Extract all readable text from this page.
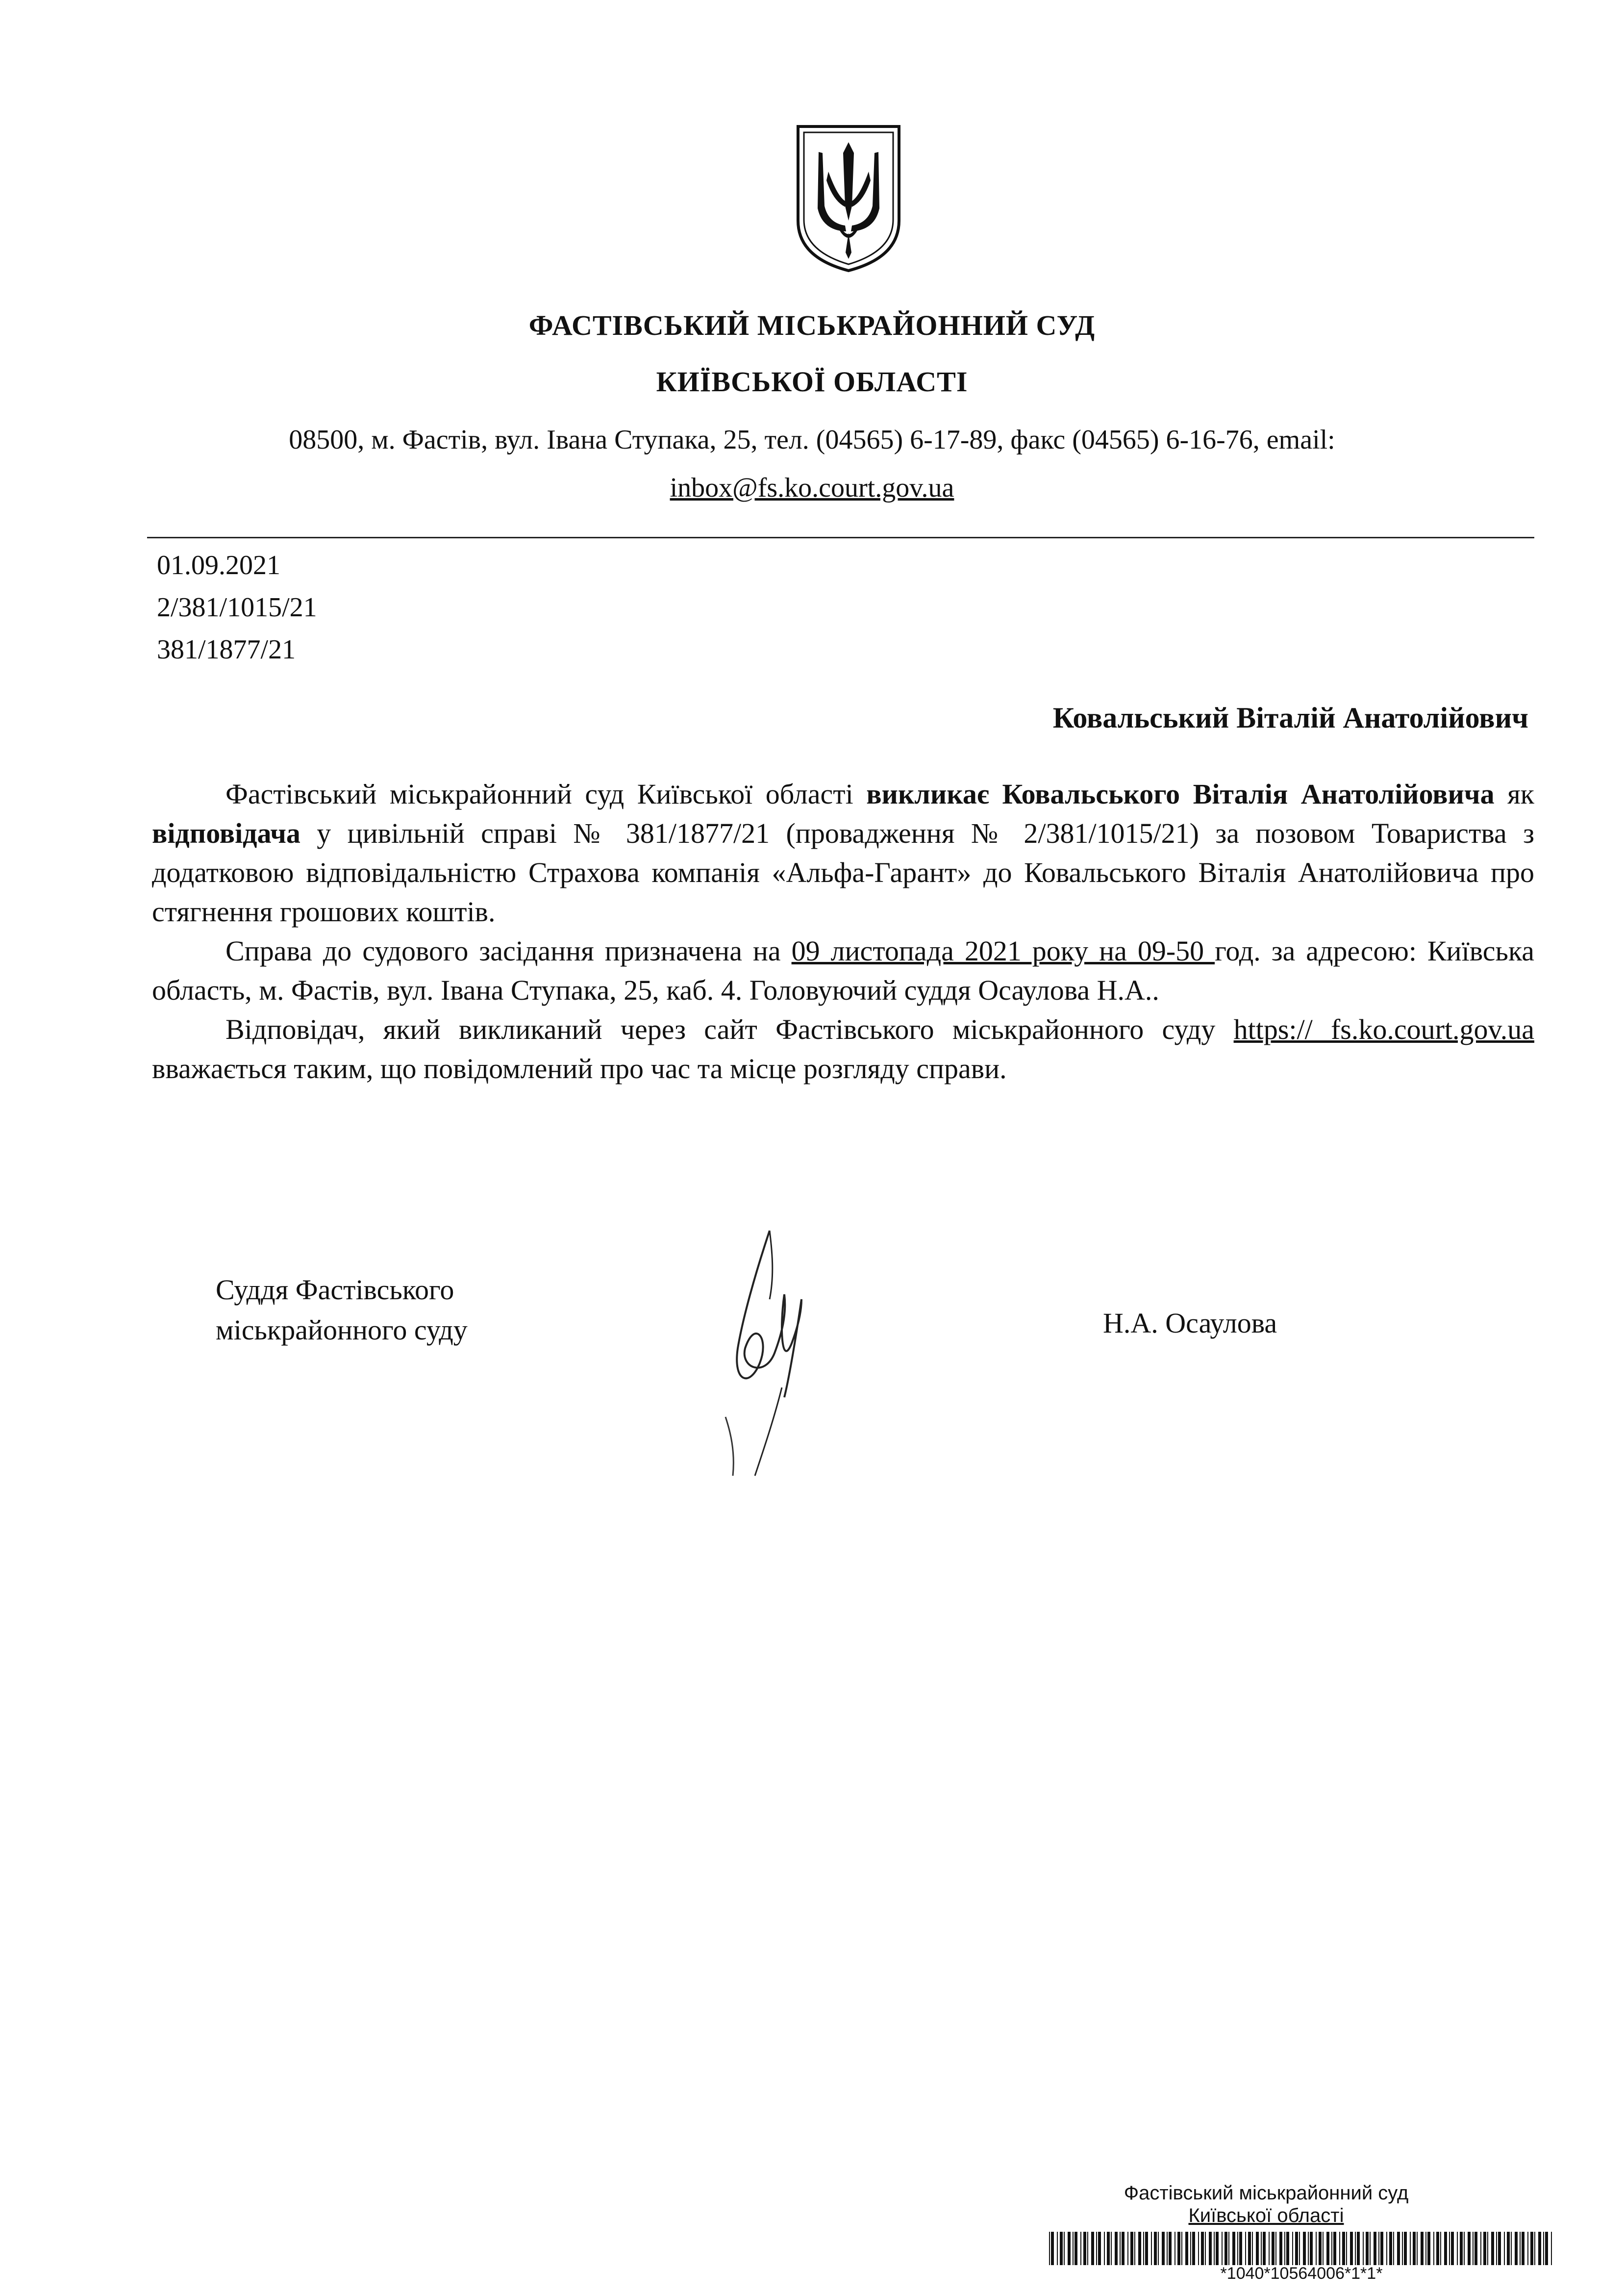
ФАСТІВСЬКИЙ МІСЬКРАЙОННИЙ СУД
КИЇВСЬКОЇ ОБЛАСТІ
08500, м. Фастів, вул. Івана Ступака, 25, тел. (04565) 6-17-89, факс (04565) 6-16-76, email:
inbox@fs.ko.court.gov.ua
01.09.2021
2/381/1015/21
381/1877/21
Ковальський Віталій Анатолійович

Фастівський міськрайонний суд Київської області викликає Ковальського Віталія Анатолійовича як відповідача у цивільній справі № 381/1877/21 (провадження № 2/381/1015/21) за позовом Товариства з додатковою відповідальністю Страхова компанія «Альфа-Гарант» до Ковальського Віталія Анатолійовича про стягнення грошових коштів.

Справа до судового засідання призначена на 09 листопада 2021 року на 09-50 год. за адресою: Київська область, м. Фастів, вул. Івана Ступака, 25, каб. 4. Головуючий суддя Осаулова Н.А..

Відповідач, який викликаний через сайт Фастівського міськрайонного суду https:// fs.ko.court.gov.ua вважається таким, що повідомлений про час та місце розгляду справи.

Суддя Фастівського
міськрайонного суду	Н.А. Осаулова
Фастівський міськрайонний суд
Київської області
*1040*10564006*1*1*
